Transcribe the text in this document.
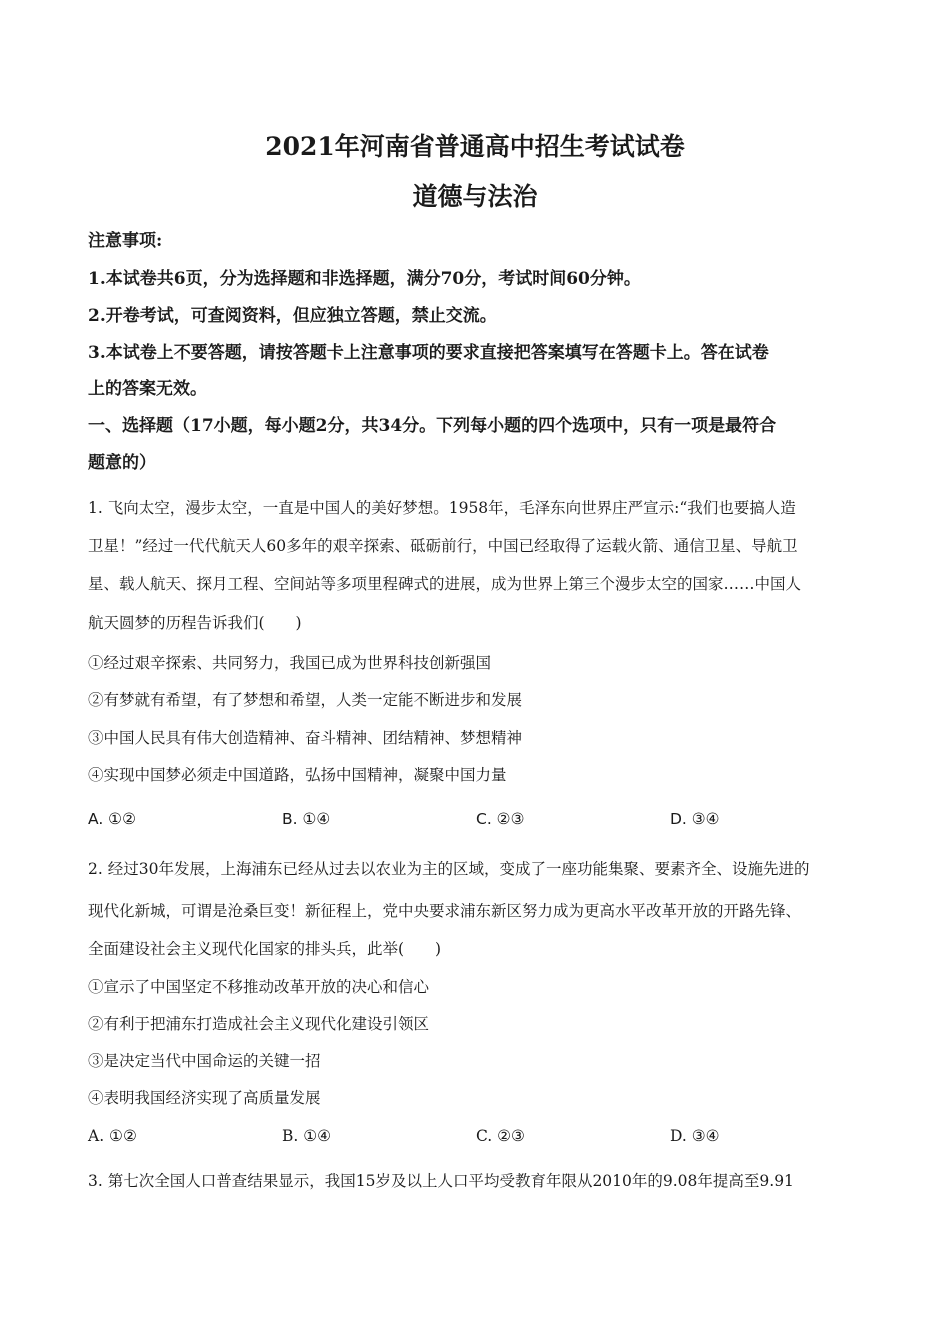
2021年河南省普通高中招生考试试卷
道德与法治
注意事项:
1.本试卷共6页，分为选择题和非选择题，满分70分，考试时间60分钟。
2.开卷考试，可查阅资料，但应独立答题，禁止交流。
3.本试卷上不要答题，请按答题卡上注意事项的要求直接把答案填写在答题卡上。答在试卷
上的答案无效。
一、选择题（17小题，每小题2分，共34分。下列每小题的四个选项中，只有一项是最符合
题意的）
1. 飞向太空，漫步太空，一直是中国人的美好梦想。1958年，毛泽东向世界庄严宣示:“我们也要搞人造
卫星！”经过一代代航天人60多年的艰辛探索、砥砺前行，中国已经取得了运载火箭、通信卫星、导航卫
星、载人航天、探月工程、空间站等多项里程碑式的进展，成为世界上第三个漫步太空的国家……中国人
航天圆梦的历程告诉我们(　　)
①经过艰辛探索、共同努力，我国已成为世界科技创新强国
②有梦就有希望，有了梦想和希望，人类一定能不断进步和发展
③中国人民具有伟大创造精神、奋斗精神、团结精神、梦想精神
④实现中国梦必须走中国道路，弘扬中国精神，凝聚中国力量
A. ①②	B. ①④	C. ②③	D. ③④
2. 经过30年发展，上海浦东已经从过去以农业为主的区域，变成了一座功能集聚、要素齐全、设施先进的
现代化新城，可谓是沧桑巨变！新征程上，党中央要求浦东新区努力成为更高水平改革开放的开路先锋、
全面建设社会主义现代化国家的排头兵，此举(　　)
①宣示了中国坚定不移推动改革开放的决心和信心
②有利于把浦东打造成社会主义现代化建设引领区
③是决定当代中国命运的关键一招
④表明我国经济实现了高质量发展
A. ①②	B. ①④	C. ②③	D. ③④
3. 第七次全国人口普查结果显示，我国15岁及以上人口平均受教育年限从2010年的9.08年提高至9.91
